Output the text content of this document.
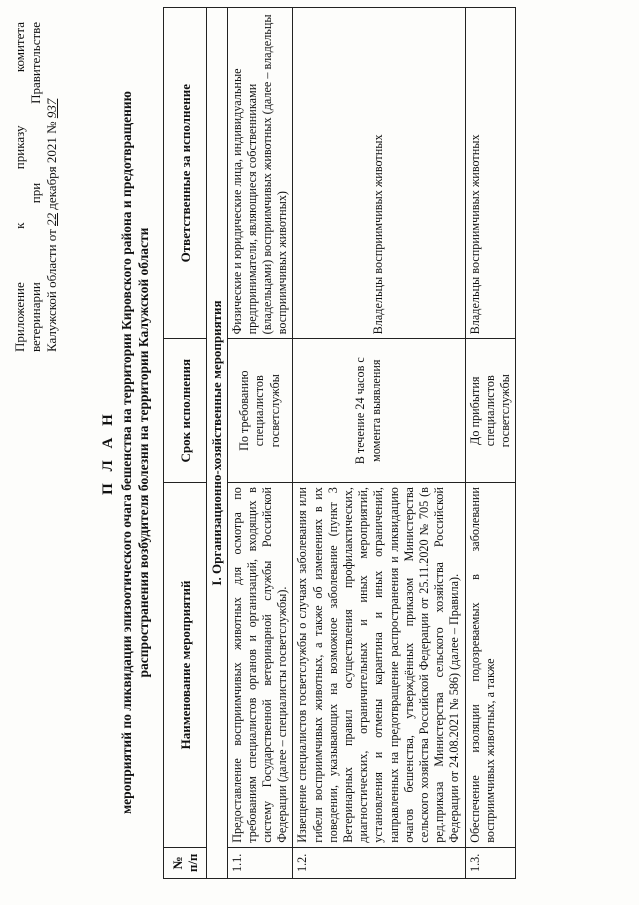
Приложение к приказу комитета ветеринарии при Правительстве Калужской области от 22 декабря 2021 № 937
П Л А Н мероприятий по ликвидации эпизоотического очага бешенства на территории Кировского района и предотвращению распространения возбудителя болезни на территории Калужской области
№ п/п	Наименование мероприятий	Срок исполнения	Ответственные за исполнение
I. Организационно-хозяйственные мероприятия			
1.1.	Предоставление восприимчивых животных для осмотра по требованиям специалистов органов и организаций, входящих в систему Государственной ветеринарной службы Российской Федерации (далее – специалисты госветслужбы).	По требованию специалистов госветслужбы	Физические и юридические лица, индивидуальные предприниматели, являющиеся собственниками (владельцами) восприимчивых животных (далее – владельцы восприимчивых животных)
1.2.	Извещение специалистов госветслужбы о случаях заболевания или гибели восприимчивых животных, а также об изменениях в их поведении, указывающих на возможное заболевание (пункт 3 Ветеринарных правил осуществления профилактических, диагностических, ограничительных и иных мероприятий, установления и отмены карантина и иных ограничений, направленных на предотвращение распространения и ликвидацию очагов бешенства, утверждённых приказом Министерства сельского хозяйства Российской Федерации от 25.11.2020 № 705 (в ред.приказа Министерства сельского хозяйства Российской Федерации от 24.08.2021 № 586) (далее – Правила).	В течение 24 часов с момента выявления	Владельцы восприимчивых животных
1.3.	Обеспечение изоляции подозреваемых в заболевании восприимчивых животных, а также	До прибытия специалистов госветслужбы	Владельцы восприимчивых животных
